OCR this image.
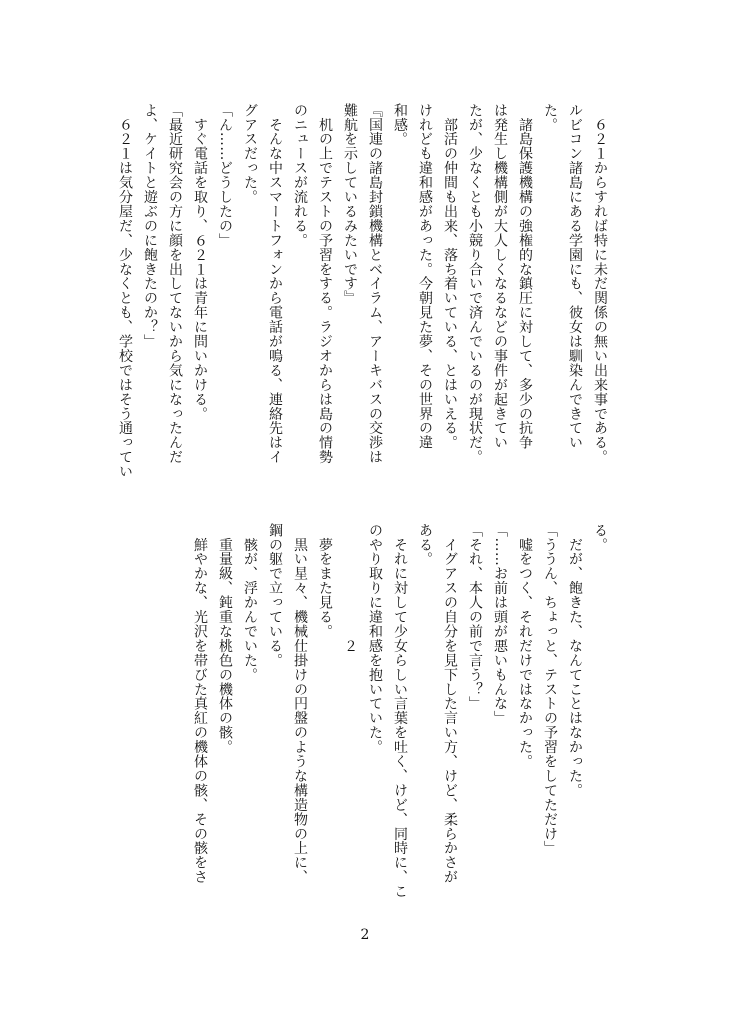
　６２１からすれば特に未だ関係の無い出来事である。
ルビコン諸島にある学園にも、彼女は馴染んできてい
た。
　諸島保護機構の強権的な鎮圧に対して、多少の抗争
は発生し機構側が大人しくなるなどの事件が起きてい
たが、少なくとも小競り合いで済んでいるのが現状だ。
　部活の仲間も出来、落ち着いている、とはいえる。
けれども違和感があった。今朝見た夢、その世界の違
和感。
『国連の諸島封鎖機構とベイラム、アーキバスの交渉は
難航を示しているみたいです』
　机の上でテストの予習をする。ラジオからは島の情勢
のニュースが流れる。
　そんな中スマートフォンから電話が鳴る、連絡先はイ
グアスだった。
「ん……どうしたの」
　すぐ電話を取り、６２１は青年に問いかける。
「最近研究会の方に顔を出してないから気になったんだ
よ、ケイトと遊ぶのに飽きたのか？」
　６２１は気分屋だ、少なくとも、学校ではそう通ってい
る。
　だが、飽きた、なんてことはなかった。
「ううん、ちょっと、テストの予習をしてただけ」
　嘘をつく、それだけではなかった。
「……お前は頭が悪いもんな」
「それ、本人の前で言う？」
　イグアスの自分を見下した言い方、けど、柔らかさが
ある。
　それに対して少女らしい言葉を吐く、けど、同時に、こ
のやり取りに違和感を抱いていた。
　　　　　　　　２
　夢をまた見る。
　黒い星々、機械仕掛けの円盤のような構造物の上に、
鋼の躯で立っている。
　骸が、浮かんでいた。
　重量級、鈍重な桃色の機体の骸。
　鮮やかな、光沢を帯びた真紅の機体の骸、その骸をさ
2
